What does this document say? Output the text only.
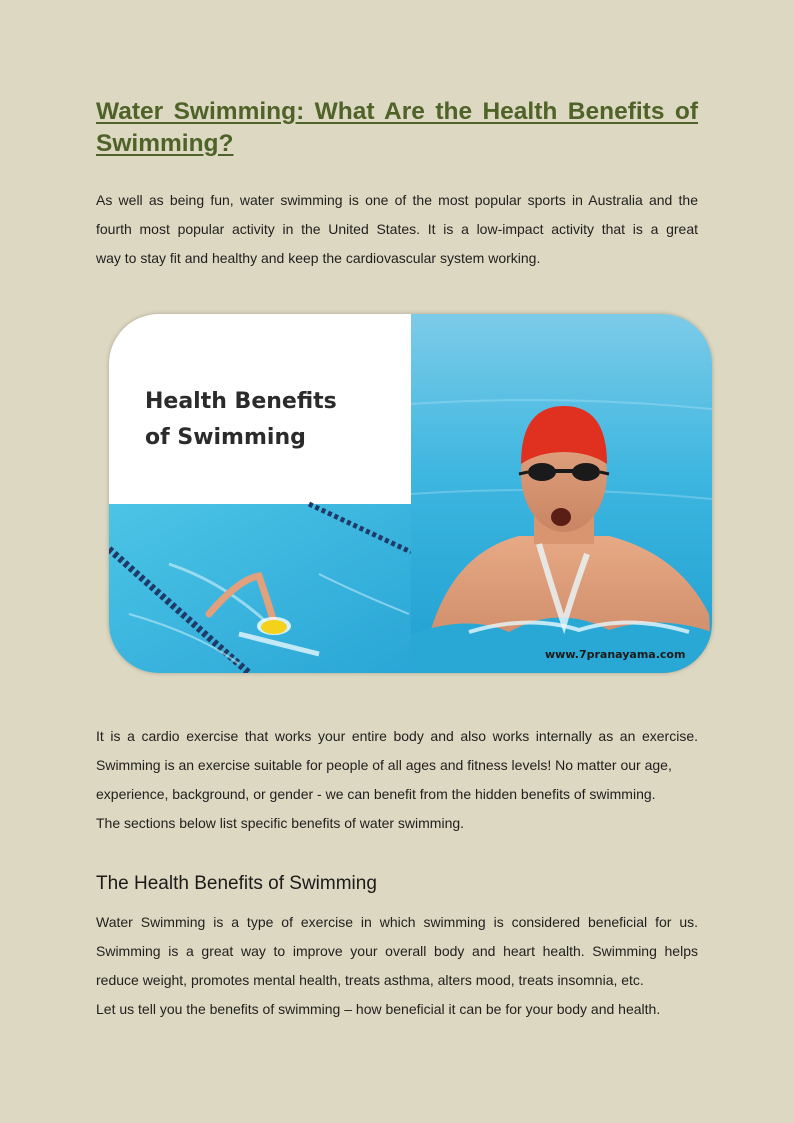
Water Swimming: What Are the Health Benefits of Swimming?
As well as being fun, water swimming is one of the most popular sports in Australia and the
fourth most popular activity in the United States. It is a low-impact activity that is a great
way to stay fit and healthy and keep the cardiovascular system working.
Health Benefits
of Swimming
www.7pranayama.com
It is a cardio exercise that works your entire body and also works internally as an exercise.
Swimming is an exercise suitable for people of all ages and fitness levels! No matter our age,
experience, background, or gender - we can benefit from the hidden benefits of swimming.
The sections below list specific benefits of water swimming.
The Health Benefits of Swimming
Water Swimming is a type of exercise in which swimming is considered beneficial for us.
Swimming is a great way to improve your overall body and heart health. Swimming helps
reduce weight, promotes mental health, treats asthma, alters mood, treats insomnia, etc.
Let us tell you the benefits of swimming – how beneficial it can be for your body and health.
